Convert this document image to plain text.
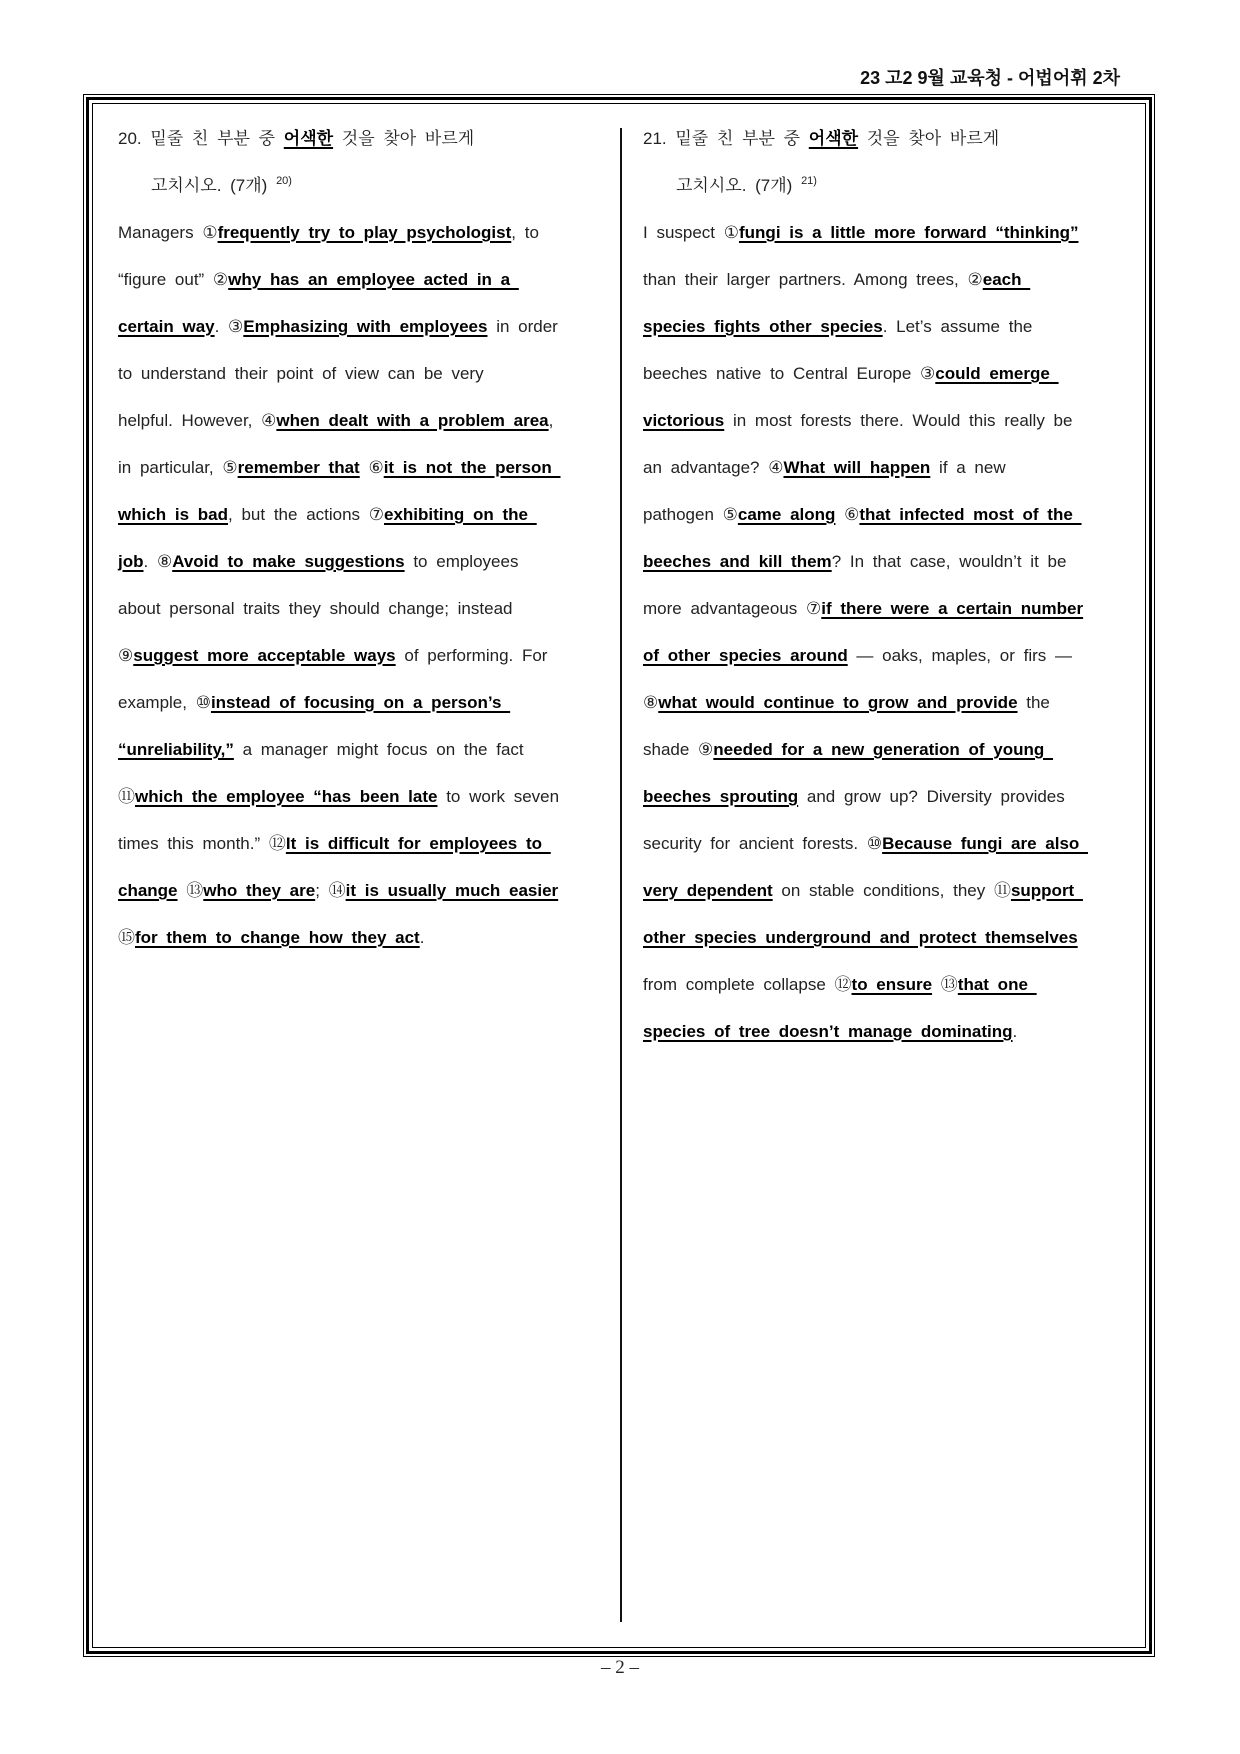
23 고2 9월 교육청 - 어법어휘 2차
20. 밑줄 친 부분 중 어색한 것을 찾아 바르게
고치시오. (7개) $^{20)}$
Managers ①frequently try to play psychologist, to
“figure out” ②why has an employee acted in a
certain way. ③Emphasizing with employees in order
to understand their point of view can be very
helpful. However, ④when dealt with a problem area,
in particular, ⑤remember that ⑥it is not the person
which is bad, but the actions ⑦exhibiting on the
job. ⑧Avoid to make suggestions to employees
about personal traits they should change; instead
⑨suggest more acceptable ways of performing. For
example, ⑩instead of focusing on a person’s
“unreliability,” a manager might focus on the fact
⑪which the employee “has been late to work seven
times this month.” ⑫It is difficult for employees to
change ⑬who they are; ⑭it is usually much easier
⑮for them to change how they act.
21. 밑줄 친 부분 중 어색한 것을 찾아 바르게
고치시오. (7개) $^{21)}$
I suspect ①fungi is a little more forward “thinking”
than their larger partners. Among trees, ②each
species fights other species. Let’s assume the
beeches native to Central Europe ③could emerge
victorious in most forests there. Would this really be
an advantage? ④What will happen if a new
pathogen ⑤came along ⑥that infected most of the
beeches and kill them? In that case, wouldn’t it be
more advantageous ⑦if there were a certain number
of other species around — oaks, maples, or firs —
⑧what would continue to grow and provide the
shade ⑨needed for a new generation of young
beeches sprouting and grow up? Diversity provides
security for ancient forests. ⑩Because fungi are also
very dependent on stable conditions, they ⑪support
other species underground and protect themselves
from complete collapse ⑫to ensure ⑬that one
species of tree doesn’t manage dominating.
– 2 –
